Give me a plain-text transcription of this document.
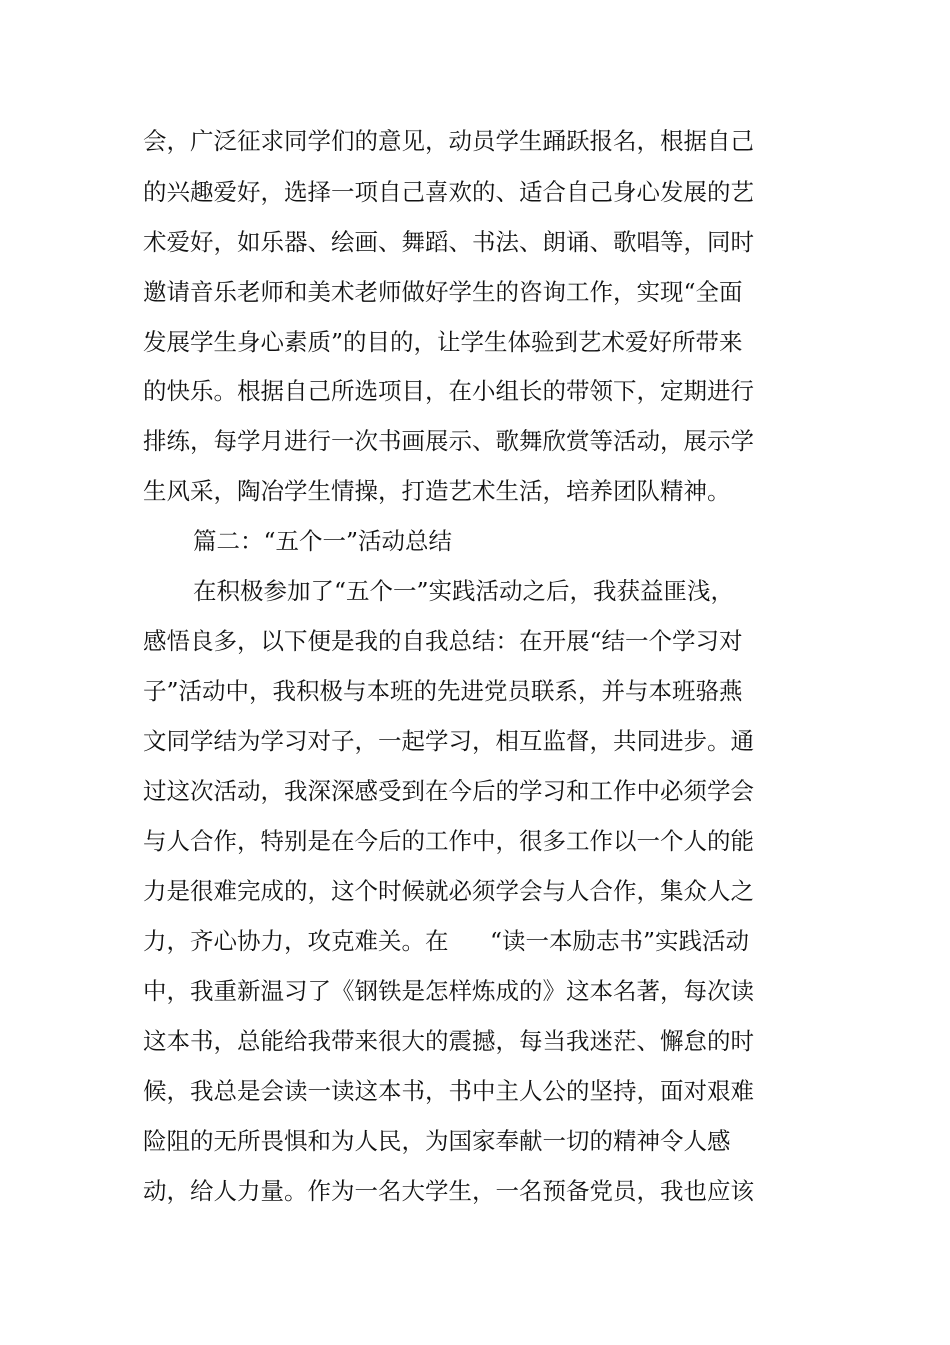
会，广泛征求同学们的意见，动员学生踊跃报名，根据自己
的兴趣爱好，选择一项自己喜欢的、适合自己身心发展的艺
术爱好，如乐器、绘画、舞蹈、书法、朗诵、歌唱等，同时
邀请音乐老师和美术老师做好学生的咨询工作，实现“全面
发展学生身心素质”的目的，让学生体验到艺术爱好所带来
的快乐。根据自己所选项目，在小组长的带领下，定期进行
排练，每学月进行一次书画展示、歌舞欣赏等活动，展示学
生风采，陶冶学生情操，打造艺术生活，培养团队精神。
篇二：“五个一”活动总结
在积极参加了“五个一”实践活动之后，我获益匪浅，
感悟良多，以下便是我的自我总结：在开展“结一个学习对
子”活动中，我积极与本班的先进党员联系，并与本班骆燕
文同学结为学习对子，一起学习，相互监督，共同进步。通
过这次活动，我深深感受到在今后的学习和工作中必须学会
与人合作，特别是在今后的工作中，很多工作以一个人的能
力是很难完成的，这个时候就必须学会与人合作，集众人之
力，齐心协力，攻克难关。在 “读一本励志书”实践活动
中，我重新温习了《钢铁是怎样炼成的》这本名著，每次读
这本书，总能给我带来很大的震撼，每当我迷茫、懈怠的时
候，我总是会读一读这本书，书中主人公的坚持，面对艰难
险阻的无所畏惧和为人民，为国家奉献一切的精神令人感
动，给人力量。作为一名大学生，一名预备党员，我也应该
